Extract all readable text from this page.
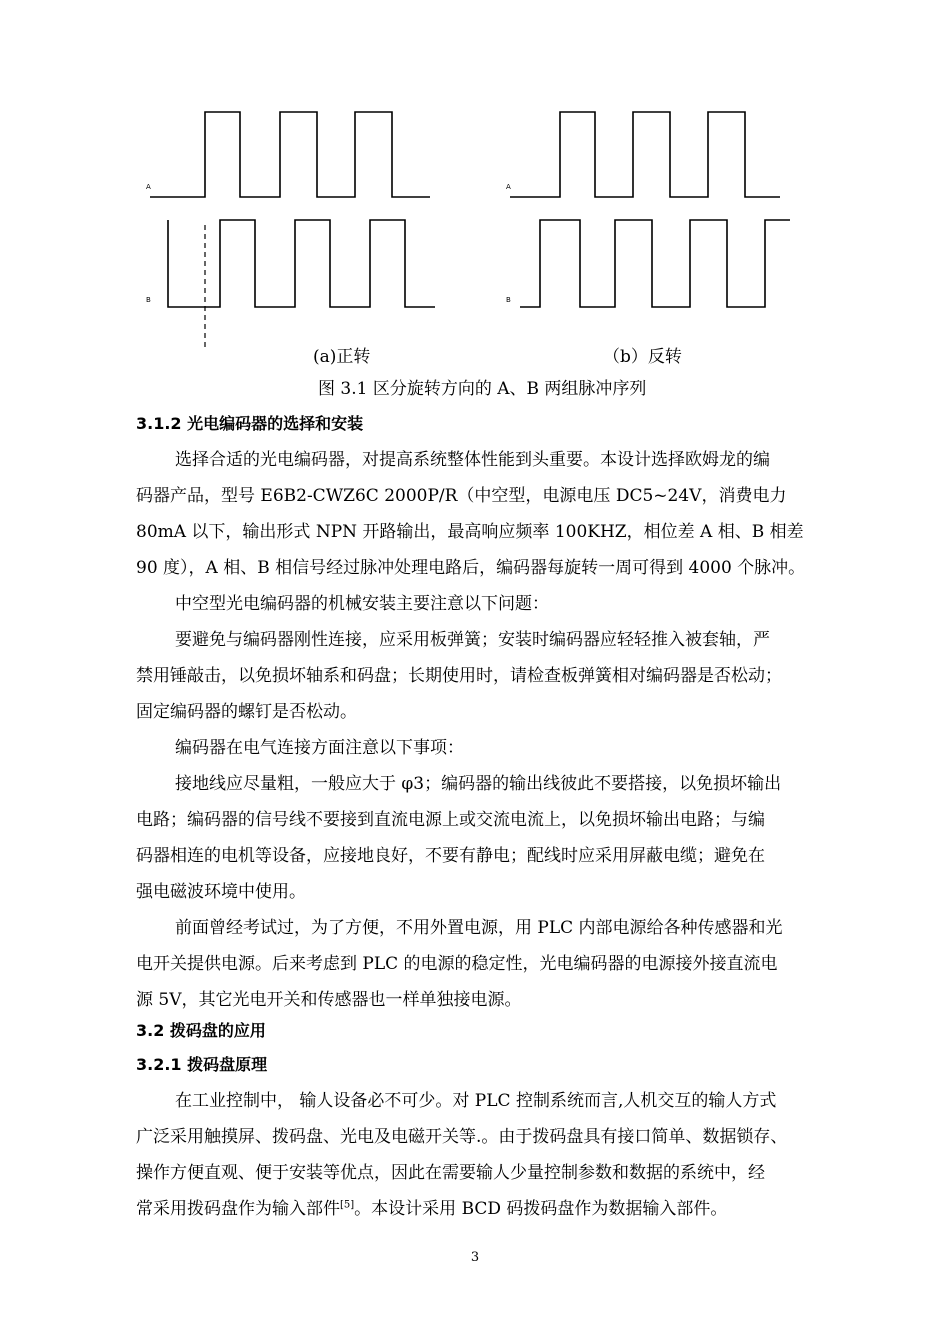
A
B
A
B
(a)正转	（b）反转
图 3.1 区分旋转方向的 A、B 两组脉冲序列
3.1.2 光电编码器的选择和安装
选择合适的光电编码器，对提高系统整体性能到头重要。本设计选择欧姆龙的编
码器产品，型号 E6B2-CWZ6C 2000P/R（中空型，电源电压 DC5~24V，消费电力
80mA 以下，输出形式 NPN 开路输出，最高响应频率 100KHZ，相位差 A 相、B 相差
90 度），A 相、B 相信号经过脉冲处理电路后，编码器每旋转一周可得到 4000 个脉冲。
中空型光电编码器的机械安装主要注意以下问题：
要避免与编码器刚性连接，应采用板弹簧；安装时编码器应轻轻推入被套轴，严
禁用锤敲击，以免损坏轴系和码盘；长期使用时，请检查板弹簧相对编码器是否松动；
固定编码器的螺钉是否松动。
编码器在电气连接方面注意以下事项：
接地线应尽量粗，一般应大于 φ3；编码器的输出线彼此不要搭接，以免损坏输出
电路；编码器的信号线不要接到直流电源上或交流电流上，以免损坏输出电路；与编
码器相连的电机等设备，应接地良好，不要有静电；配线时应采用屏蔽电缆；避免在
强电磁波环境中使用。
前面曾经考试过，为了方便，不用外置电源，用 PLC 内部电源给各种传感器和光
电开关提供电源。后来考虑到 PLC 的电源的稳定性，光电编码器的电源接外接直流电
源 5V，其它光电开关和传感器也一样单独接电源。
3.2 拨码盘的应用
3.2.1 拨码盘原理
在工业控制中， 输人设备必不可少。对 PLC 控制系统而言,人机交互的输人方式
广泛采用触摸屏、拨码盘、光电及电磁开关等.。由于拨码盘具有接口简单、数据锁存、
操作方便直观、便于安装等优点，因此在需要输人少量控制参数和数据的系统中，经
常采用拨码盘作为输入部件[5]。本设计采用 BCD 码拨码盘作为数据输入部件。
3
